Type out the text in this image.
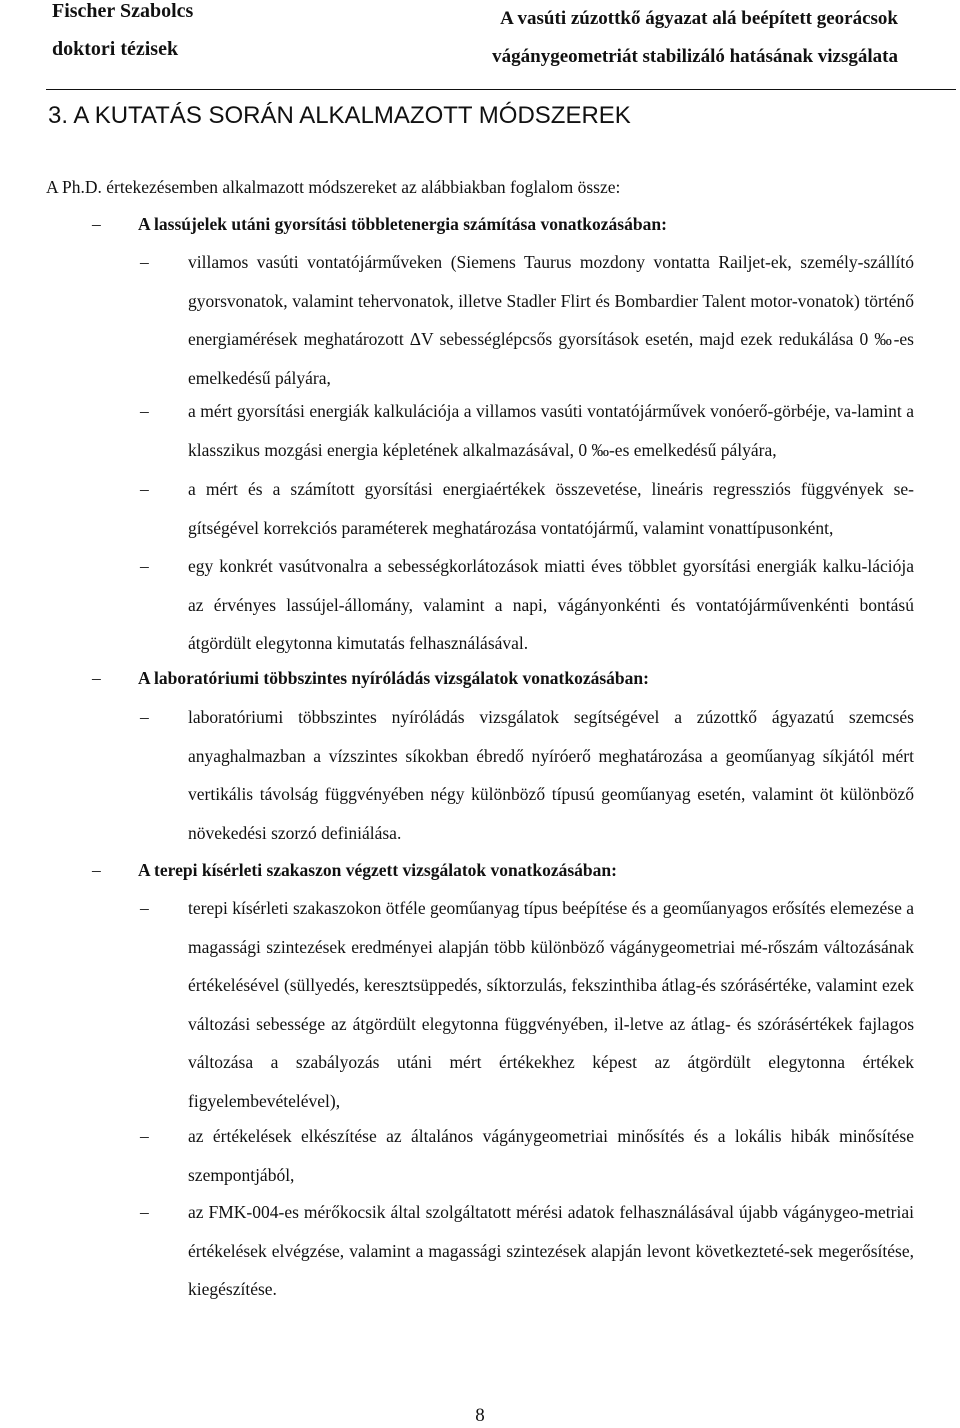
Fischer Szabolcs
doktori tézisek
A vasúti zúzottkő ágyazat alá beépített georácsok
vágánygeometriát stabilizáló hatásának vizsgálata
3. A KUTATÁS SORÁN ALKALMAZOTT MÓDSZEREK
A Ph.D. értekezésemben alkalmazott módszereket az alábbiakban foglalom össze:
– A lassújelek utáni gyorsítási többletenergia számítása vonatkozásában:
– villamos vasúti vontatójárműveken (Siemens Taurus mozdony vontatta Railjet-ek, személy-szállító gyorsvonatok, valamint tehervonatok, illetve Stadler Flirt és Bombardier Talent motor-vonatok) történő energiamérések meghatározott ΔV sebességlépcsős gyorsítások esetén, majd ezek redukálása 0 ‰-es emelkedésű pályára,
– a mért gyorsítási energiák kalkulációja a villamos vasúti vontatójárművek vonóerő-görbéje, va-lamint a klasszikus mozgási energia képletének alkalmazásával, 0 ‰-es emelkedésű pályára,
– a mért és a számított gyorsítási energiaértékek összevetése, lineáris regressziós függvények se-gítségével korrekciós paraméterek meghatározása vontatójármű, valamint vonattípusonként,
– egy konkrét vasútvonalra a sebességkorlátozások miatti éves többlet gyorsítási energiák kalku-lációja az érvényes lassújel-állomány, valamint a napi, vágányonkénti és vontatójárművenkénti bontású átgördült elegytonna kimutatás felhasználásával.
– A laboratóriumi többszintes nyíróládás vizsgálatok vonatkozásában:
– laboratóriumi többszintes nyíróládás vizsgálatok segítségével a zúzottkő ágyazatú szemcsés anyaghalmazban a vízszintes síkokban ébredő nyíróerő meghatározása a geoműanyag síkjától mért vertikális távolság függvényében négy különböző típusú geoműanyag esetén, valamint öt különböző növekedési szorzó definiálása.
– A terepi kísérleti szakaszon végzett vizsgálatok vonatkozásában:
– terepi kísérleti szakaszokon ötféle geoműanyag típus beépítése és a geoműanyagos erősítés elemezése a magassági szintezések eredményei alapján több különböző vágánygeometriai mé-rőszám változásának értékelésével (süllyedés, keresztsüppedés, síktorzulás, fekszinthiba átlag-és szórásértéke, valamint ezek változási sebessége az átgördült elegytonna függvényében, il-letve az átlag- és szórásértékek fajlagos változása a szabályozás utáni mért értékekhez képest az átgördült elegytonna értékek figyelembevételével),
– az értékelések elkészítése az általános vágánygeometriai minősítés és a lokális hibák minősítése szempontjából,
– az FMK-004-es mérőkocsik által szolgáltatott mérési adatok felhasználásával újabb vágánygeo-metriai értékelések elvégzése, valamint a magassági szintezések alapján levont következteté-sek megerősítése, kiegészítése.
8
